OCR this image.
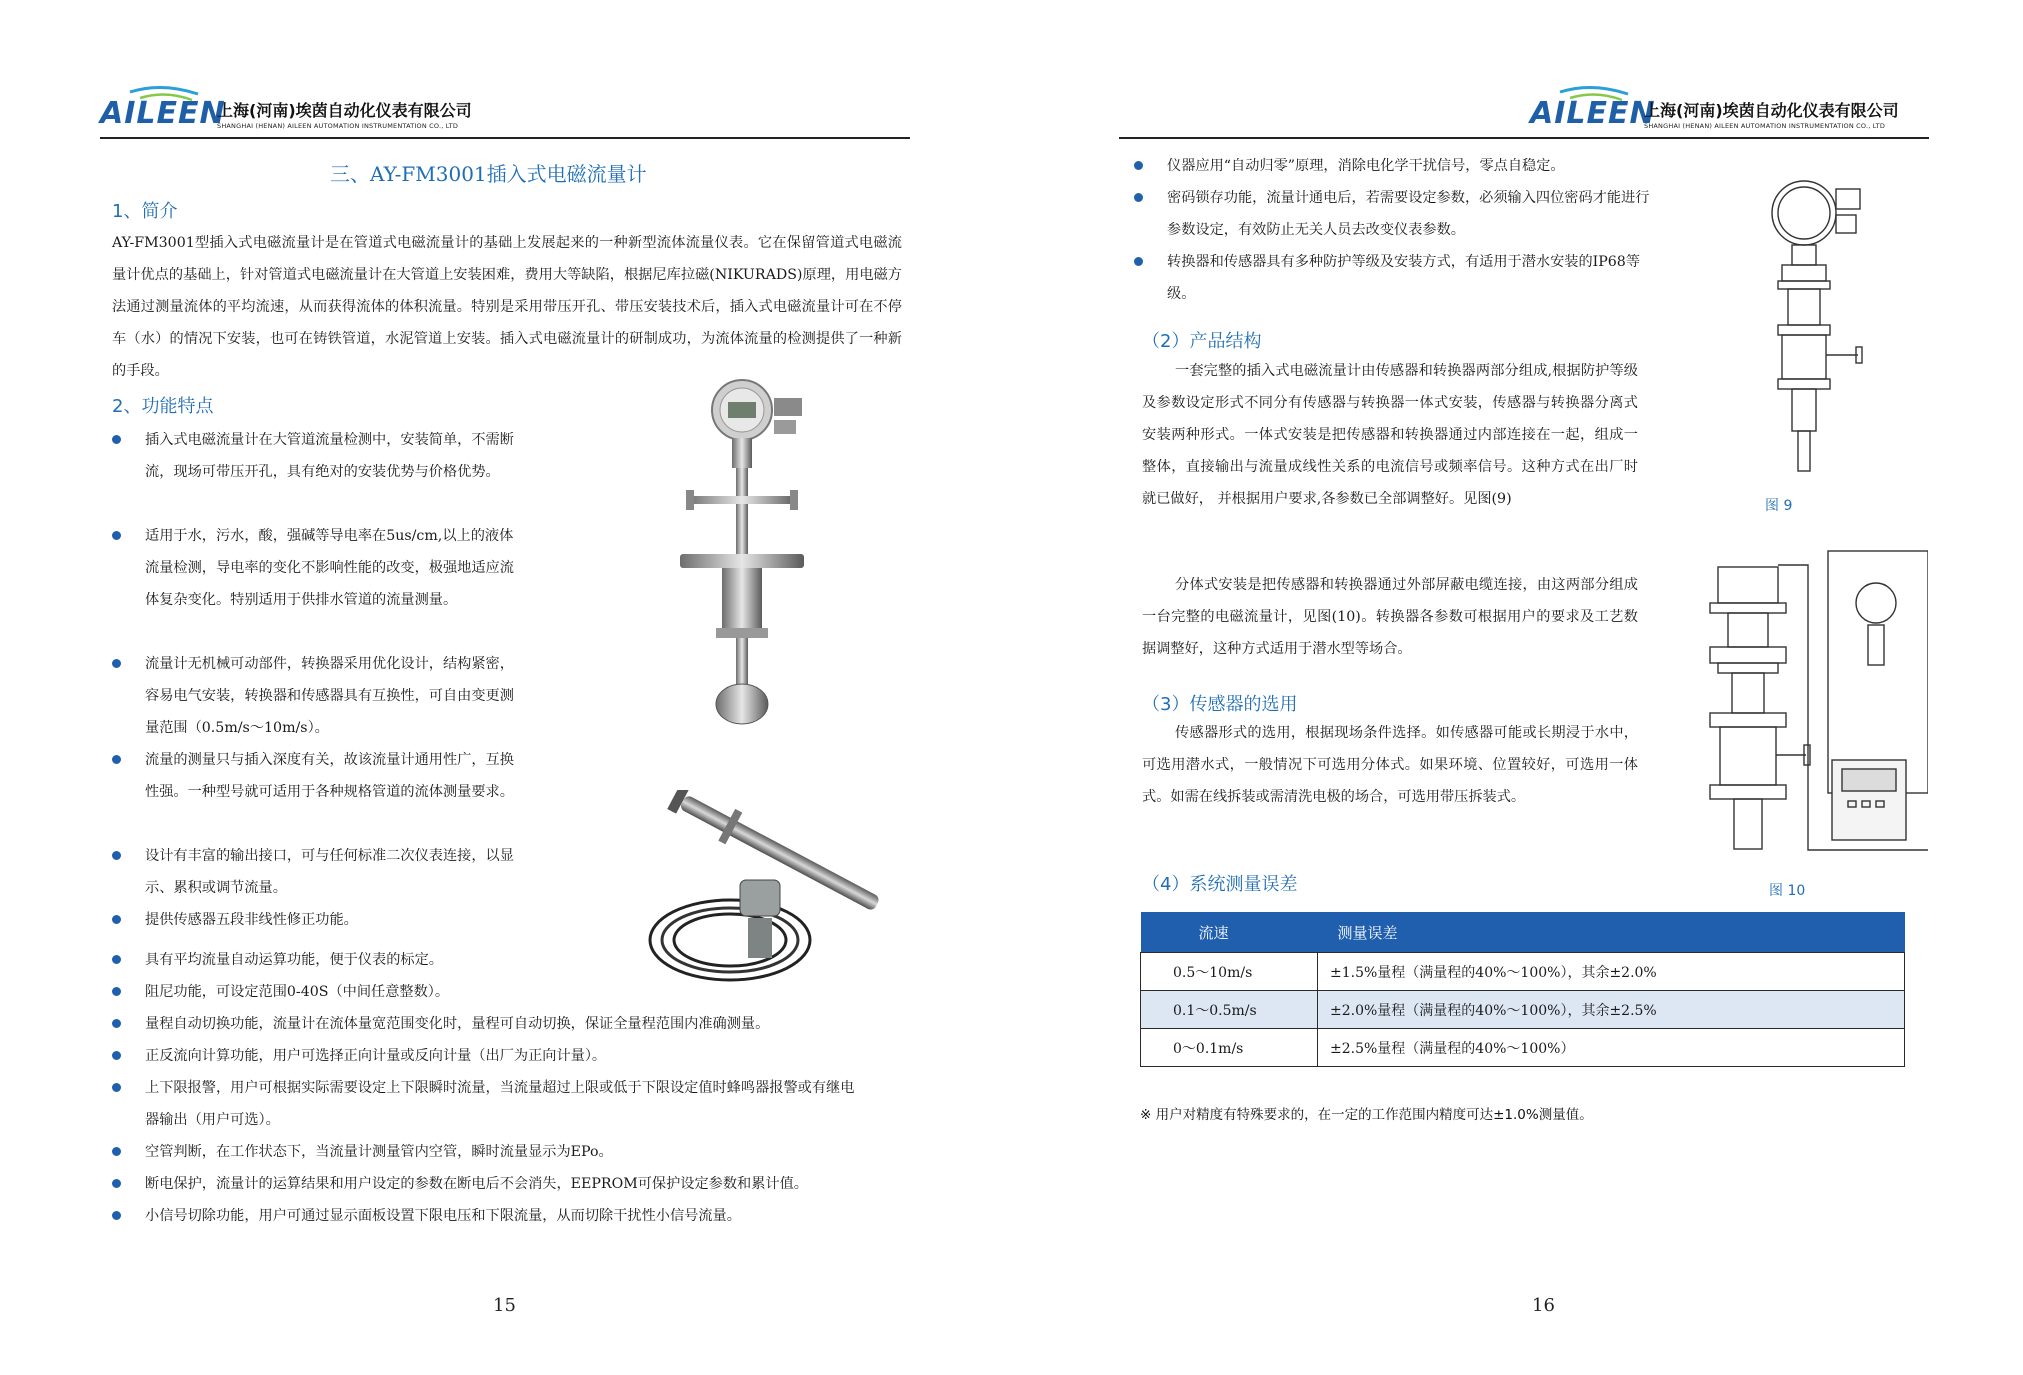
AILEEN
上海(河南)埃茵自动化仪表有限公司
SHANGHAI (HENAN) AILEEN AUTOMATION INSTRUMENTATION CO., LTD
三、AY-FM3001插入式电磁流量计
1、简介
AY-FM3001型插入式电磁流量计是在管道式电磁流量计的基础上发展起来的一种新型流体流量仪表。它在保留管道式电磁流量计优点的基础上，针对管道式电磁流量计在大管道上安装困难，费用大等缺陷，根据尼库拉磁(NIKURADS)原理，用电磁方法通过测量流体的平均流速，从而获得流体的体积流量。特别是采用带压开孔、带压安装技术后，插入式电磁流量计可在不停车（水）的情况下安装，也可在铸铁管道，水泥管道上安装。插入式电磁流量计的研制成功，为流体流量的检测提供了一种新的手段。
2、功能特点
插入式电磁流量计在大管道流量检测中，安装简单，不需断流，现场可带压开孔，具有绝对的安装优势与价格优势。
适用于水，污水，酸，强碱等导电率在5us/cm,以上的液体流量检测，导电率的变化不影响性能的改变，极强地适应流体复杂变化。特别适用于供排水管道的流量测量。
流量计无机械可动部件，转换器采用优化设计，结构紧密，容易电气安装，转换器和传感器具有互换性，可自由变更测量范围（0.5m/s～10m/s）。
流量的测量只与插入深度有关，故该流量计通用性广，互换性强。一种型号就可适用于各种规格管道的流体测量要求。
设计有丰富的输出接口，可与任何标准二次仪表连接，以显示、累积或调节流量。
提供传感器五段非线性修正功能。
具有平均流量自动运算功能，便于仪表的标定。
阻尼功能，可设定范围0-40S（中间任意整数）。
量程自动切换功能，流量计在流体量宽范围变化时，量程可自动切换，保证全量程范围内准确测量。
正反流向计算功能，用户可选择正向计量或反向计量（出厂为正向计量）。
上下限报警，用户可根据实际需要设定上下限瞬时流量，当流量超过上限或低于下限设定值时蜂鸣器报警或有继电器输出（用户可选）。
空管判断，在工作状态下，当流量计测量管内空管，瞬时流量显示为EPo。
断电保护，流量计的运算结果和用户设定的参数在断电后不会消失，EEPROM可保护设定参数和累计值。
小信号切除功能，用户可通过显示面板设置下限电压和下限流量，从而切除干扰性小信号流量。
15
AILEEN
上海(河南)埃茵自动化仪表有限公司
SHANGHAI (HENAN) AILEEN AUTOMATION INSTRUMENTATION CO., LTD
仪器应用“自动归零”原理，消除电化学干扰信号，零点自稳定。
密码锁存功能，流量计通电后，若需要设定参数，必须输入四位密码才能进行参数设定，有效防止无关人员去改变仪表参数。
转换器和传感器具有多种防护等级及安装方式，有适用于潜水安装的IP68等级。
（2）产品结构
一套完整的插入式电磁流量计由传感器和转换器两部分组成,根据防护等级及参数设定形式不同分有传感器与转换器一体式安装，传感器与转换器分离式安装两种形式。一体式安装是把传感器和转换器通过内部连接在一起，组成一整体，直接输出与流量成线性关系的电流信号或频率信号。这种方式在出厂时就已做好， 并根据用户要求,各参数已全部调整好。见图(9)
分体式安装是把传感器和转换器通过外部屏蔽电缆连接，由这两部分组成一台完整的电磁流量计，见图(10)。转换器各参数可根据用户的要求及工艺数据调整好，这种方式适用于潜水型等场合。
（3）传感器的选用
传感器形式的选用，根据现场条件选择。如传感器可能或长期浸于水中，可选用潜水式，一般情况下可选用分体式。如果环境、位置较好，可选用一体式。如需在线拆装或需清洗电极的场合，可选用带压拆装式。
（4）系统测量误差
图 9
图 10
流速	测量误差
0.5～10m/s	±1.5%量程（满量程的40%～100%），其余±2.0%
0.1～0.5m/s	±2.0%量程（满量程的40%～100%），其余±2.5%
0～0.1m/s	±2.5%量程（满量程的40%～100%）
※ 用户对精度有特殊要求的，在一定的工作范围内精度可达±1.0%测量值。
16
